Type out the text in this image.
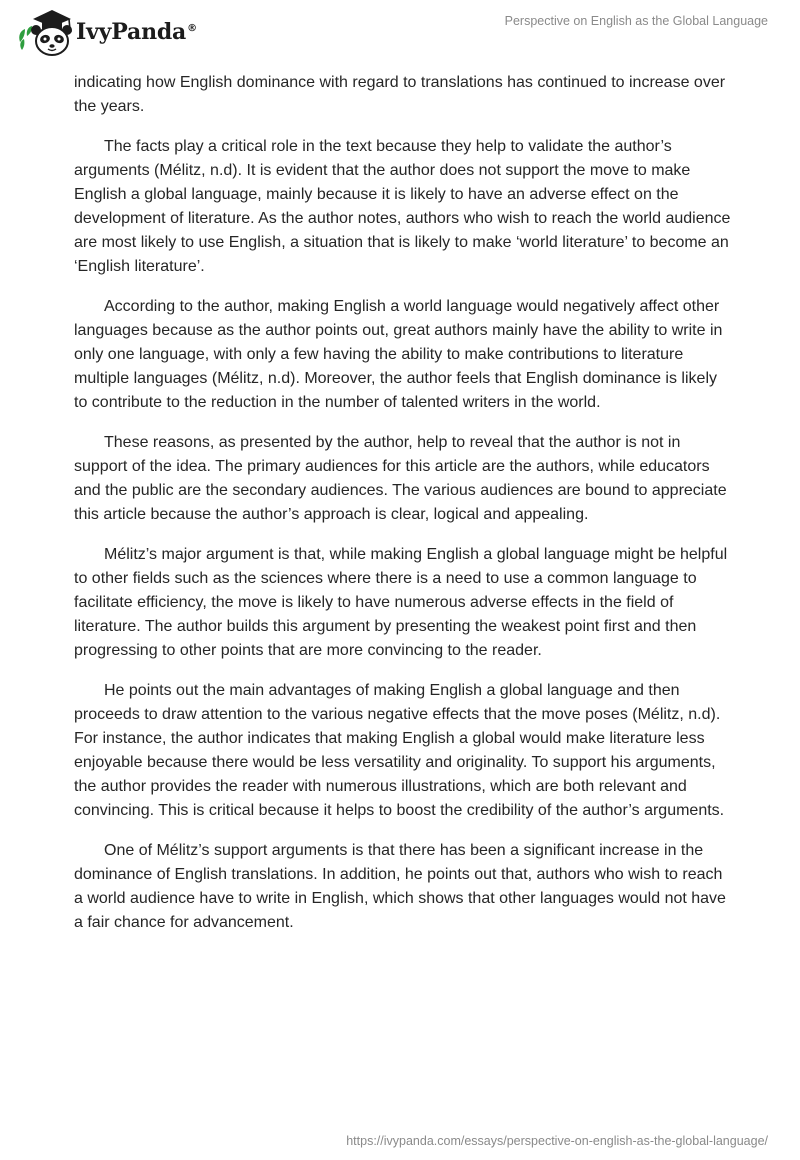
IvyPanda®
Perspective on English as the Global Language

indicating how English dominance with regard to translations has continued to increase over the years.

The facts play a critical role in the text because they help to validate the author’s arguments (Mélitz, n.d). It is evident that the author does not support the move to make English a global language, mainly because it is likely to have an adverse effect on the development of literature. As the author notes, authors who wish to reach the world audience are most likely to use English, a situation that is likely to make ‘world literature’ to become an ‘English literature’.

According to the author, making English a world language would negatively affect other languages because as the author points out, great authors mainly have the ability to write in only one language, with only a few having the ability to make contributions to literature multiple languages (Mélitz, n.d). Moreover, the author feels that English dominance is likely to contribute to the reduction in the number of talented writers in the world.

These reasons, as presented by the author, help to reveal that the author is not in support of the idea. The primary audiences for this article are the authors, while educators and the public are the secondary audiences. The various audiences are bound to appreciate this article because the author’s approach is clear, logical and appealing.

Mélitz’s major argument is that, while making English a global language might be helpful to other fields such as the sciences where there is a need to use a common language to facilitate efficiency, the move is likely to have numerous adverse effects in the field of literature. The author builds this argument by presenting the weakest point first and then progressing to other points that are more convincing to the reader.

He points out the main advantages of making English a global language and then proceeds to draw attention to the various negative effects that the move poses (Mélitz, n.d). For instance, the author indicates that making English a global would make literature less enjoyable because there would be less versatility and originality. To support his arguments, the author provides the reader with numerous illustrations, which are both relevant and convincing. This is critical because it helps to boost the credibility of the author’s arguments.

One of Mélitz’s support arguments is that there has been a significant increase in the dominance of English translations. In addition, he points out that, authors who wish to reach a world audience have to write in English, which shows that other languages would not have a fair chance for advancement.

https://ivypanda.com/essays/perspective-on-english-as-the-global-language/
